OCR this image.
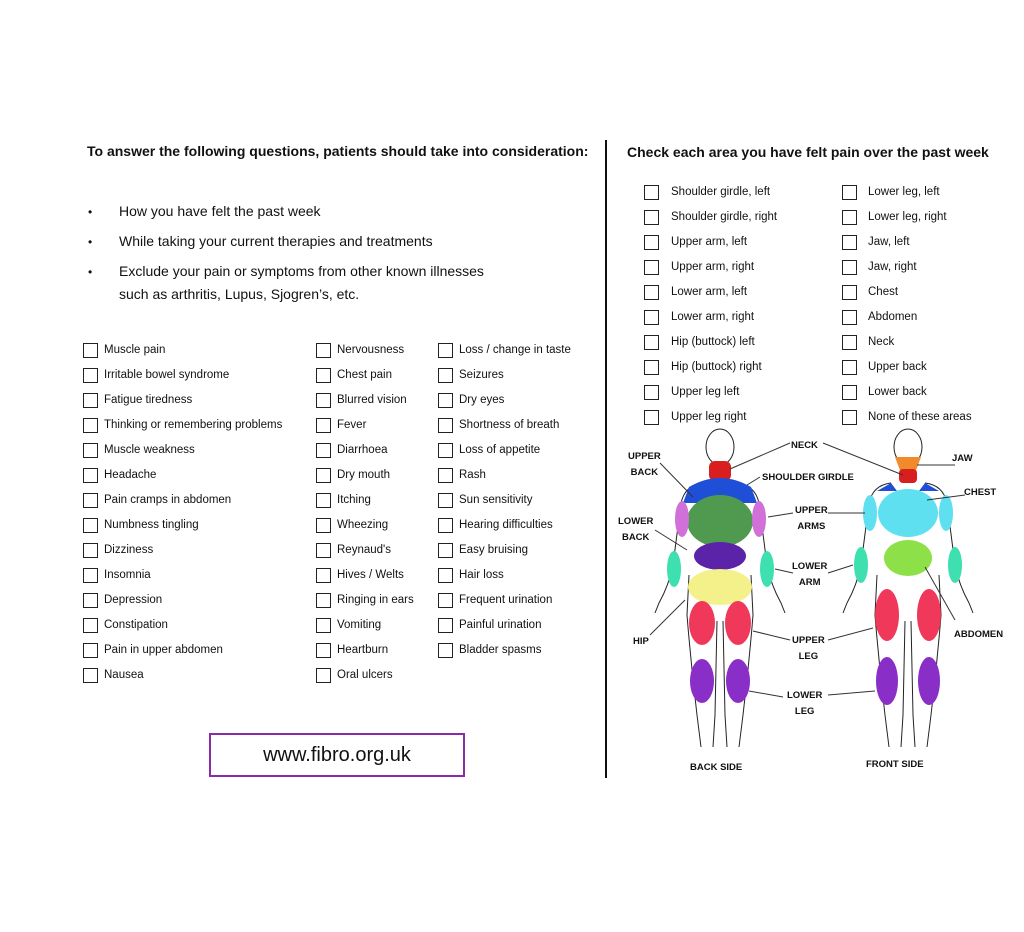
To answer the following questions, patients should take into consideration:
• How you have felt the past week
• While taking your current therapies and treatments
• Exclude your pain or symptoms from other known illnesses
such as arthritis, Lupus, Sjogren’s, etc.
Muscle pain
Irritable bowel syndrome
Fatigue tiredness
Thinking or remembering problems
Muscle weakness
Headache
Pain cramps in abdomen
Numbness tingling
Dizziness
Insomnia
Depression
Constipation
Pain in upper abdomen
Nausea
Nervousness
Chest pain
Blurred vision
Fever
Diarrhoea
Dry mouth
Itching
Wheezing
Reynaud's
Hives / Welts
Ringing in ears
Vomiting
Heartburn
Oral ulcers
Loss / change in taste
Seizures
Dry eyes
Shortness of breath
Loss of appetite
Rash
Sun sensitivity
Hearing difficulties
Easy bruising
Hair loss
Frequent urination
Painful urination
Bladder spasms
www.fibro.org.uk
Check each area you have felt pain over the past week
Shoulder girdle, left
Shoulder girdle, right
Upper arm, left
Upper arm, right
Lower arm, left
Lower arm, right
Hip (buttock) left
Hip (buttock) right
Upper leg left
Upper leg right
Lower leg, left
Lower leg, right
Jaw, left
Jaw, right
Chest
Abdomen
Neck
Upper back
Lower back
None of these areas
UPPER
BACK
LOWER
BACK
HIP
NECK
SHOULDER GIRDLE
UPPER
ARMS
LOWER
ARM
UPPER
LEG
LOWER
LEG
JAW
CHEST
ABDOMEN
BACK SIDE	FRONT SIDE
